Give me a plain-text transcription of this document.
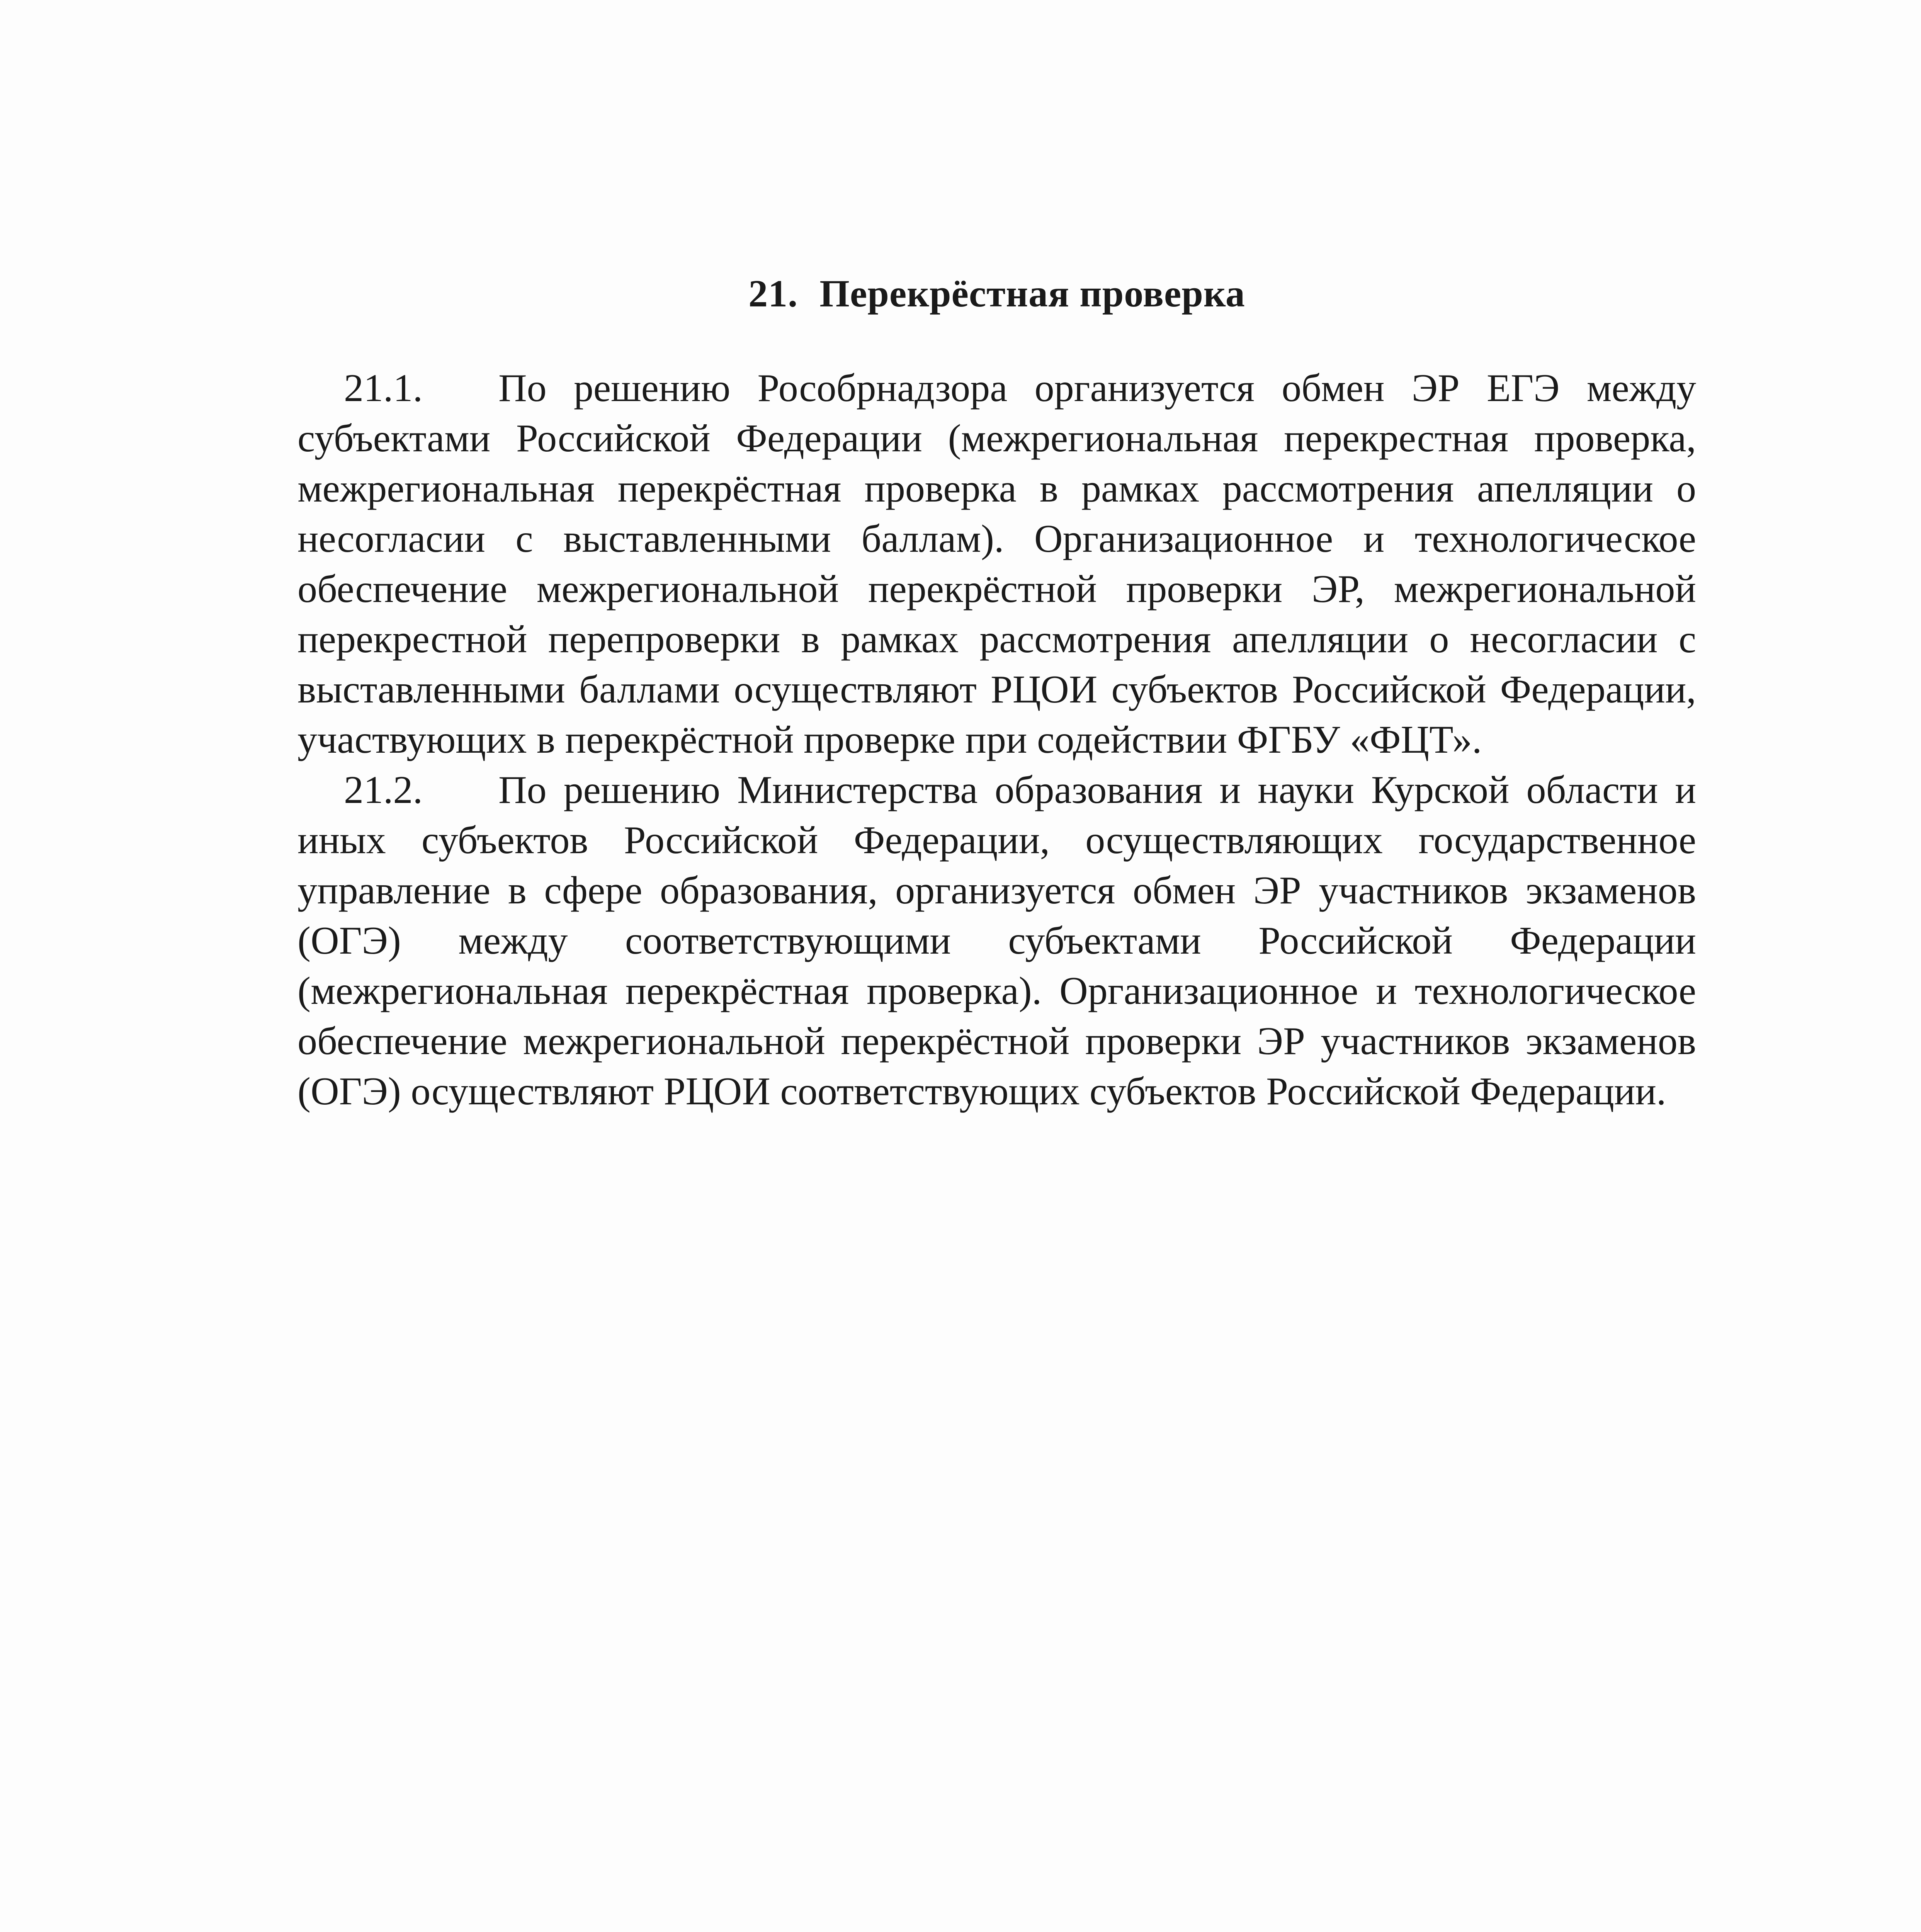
21. Перекрёстная проверка

21.1. По решению Рособрнадзора организуется обмен ЭР ЕГЭ между субъектами Российской Федерации (межрегиональная перекрестная проверка, межрегиональная перекрёстная проверка в рамках рассмотрения апелляции о несогласии с выставленными баллам). Организационное и технологическое обеспечение межрегиональной перекрёстной проверки ЭР, межрегиональной перекрестной перепроверки в рамках рассмотрения апелляции о несогласии с выставленными баллами осуществляют РЦОИ субъектов Российской Федерации, участвующих в перекрёстной проверке при содействии ФГБУ «ФЦТ».

21.2. По решению Министерства образования и науки Курской области и иных субъектов Российской Федерации, осуществляющих государственное управление в сфере образования, организуется обмен ЭР участников экзаменов (ОГЭ) между соответствующими субъектами Российской Федерации (межрегиональная перекрёстная проверка). Организационное и технологическое обеспечение межрегиональной перекрёстной проверки ЭР участников экзаменов (ОГЭ) осуществляют РЦОИ соответствующих субъектов Российской Федерации.
